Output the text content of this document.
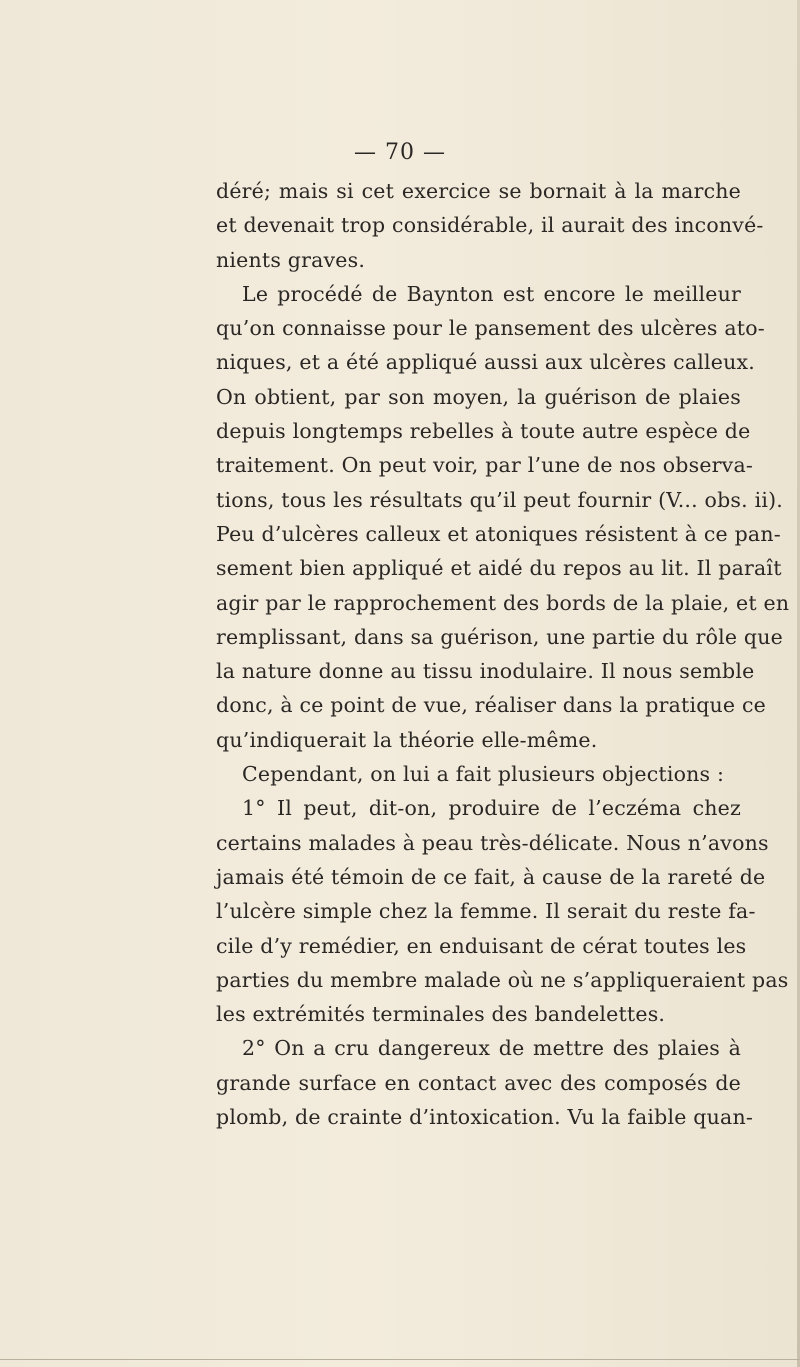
— 70 —
déré; mais si cet exercice se bornait à la marche
et devenait trop considérable, il aurait des inconvé-
nients graves.
Le procédé de Baynton est encore le meilleur
qu’on connaisse pour le pansement des ulcères ato-
niques, et a été appliqué aussi aux ulcères calleux.
On obtient, par son moyen, la guérison de plaies
depuis longtemps rebelles à toute autre espèce de
traitement. On peut voir, par l’une de nos observa-
tions, tous les résultats qu’il peut fournir (V... obs. ii).
Peu d’ulcères calleux et atoniques résistent à ce pan-
sement bien appliqué et aidé du repos au lit. Il paraît
agir par le rapprochement des bords de la plaie, et en
remplissant, dans sa guérison, une partie du rôle que
la nature donne au tissu inodulaire. Il nous semble
donc, à ce point de vue, réaliser dans la pratique ce
qu’indiquerait la théorie elle-même.
Cependant, on lui a fait plusieurs objections :
1° Il peut, dit-on, produire de l’eczéma chez
certains malades à peau très-délicate. Nous n’avons
jamais été témoin de ce fait, à cause de la rareté de
l’ulcère simple chez la femme. Il serait du reste fa-
cile d’y remédier, en enduisant de cérat toutes les
parties du membre malade où ne s’appliqueraient pas
les extrémités terminales des bandelettes.
2° On a cru dangereux de mettre des plaies à
grande surface en contact avec des composés de
plomb, de crainte d’intoxication. Vu la faible quan-
